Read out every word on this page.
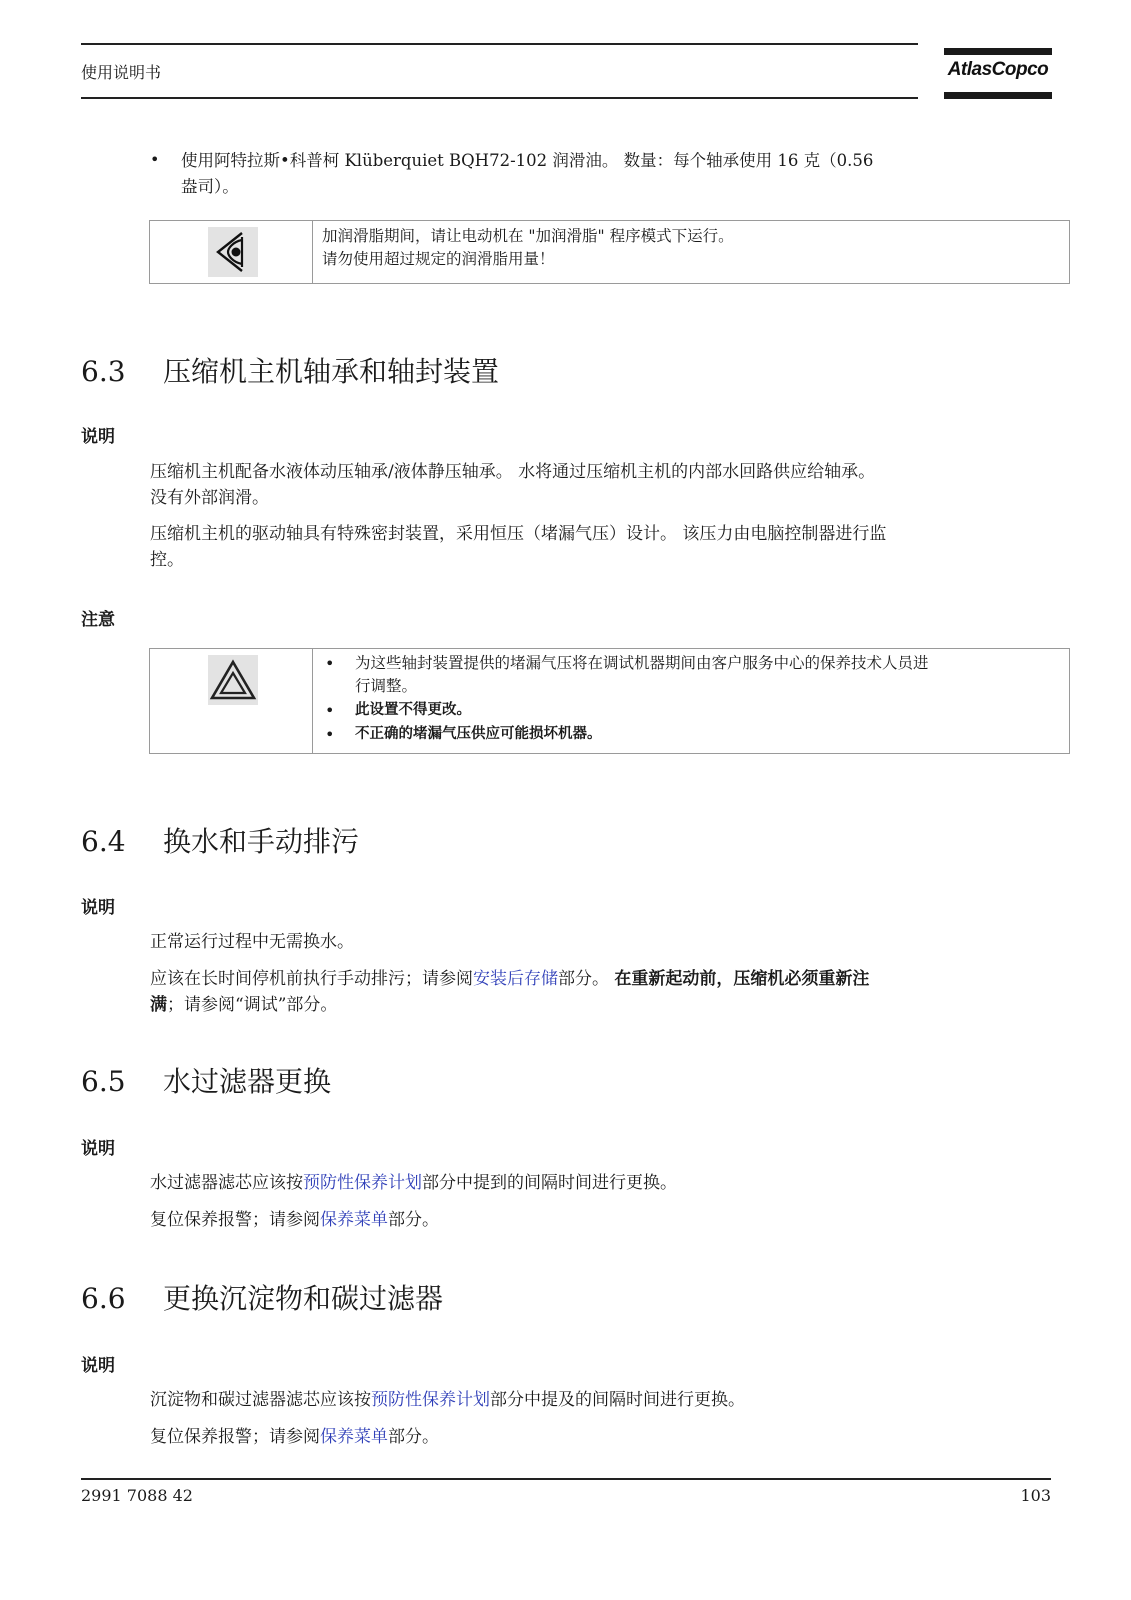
使用说明书	AtlasCopco
• 使用阿特拉斯•科普柯 Klüberquiet BQH72-102 润滑油。 数量：每个轴承使用 16 克（0.56
盎司）。
加润滑脂期间，请让电动机在 "加润滑脂" 程序模式下运行。
请勿使用超过规定的润滑脂用量！
6.3 压缩机主机轴承和轴封装置
说明
压缩机主机配备水液体动压轴承/液体静压轴承。 水将通过压缩机主机的内部水回路供应给轴承。
没有外部润滑。
压缩机主机的驱动轴具有特殊密封装置，采用恒压（堵漏气压）设计。 该压力由电脑控制器进行监
控。
注意
• 为这些轴封装置提供的堵漏气压将在调试机器期间由客户服务中心的保养技术人员进
行调整。
• 此设置不得更改。
• 不正确的堵漏气压供应可能损坏机器。
6.4 换水和手动排污
说明
正常运行过程中无需换水。
应该在长时间停机前执行手动排污；请参阅安装后存储部分。 在重新起动前，压缩机必须重新注
满；请参阅“调试”部分。
6.5 水过滤器更换
说明
水过滤器滤芯应该按预防性保养计划部分中提到的间隔时间进行更换。
复位保养报警；请参阅保养菜单部分。
6.6 更换沉淀物和碳过滤器
说明
沉淀物和碳过滤器滤芯应该按预防性保养计划部分中提及的间隔时间进行更换。
复位保养报警；请参阅保养菜单部分。
2991 7088 42	103
